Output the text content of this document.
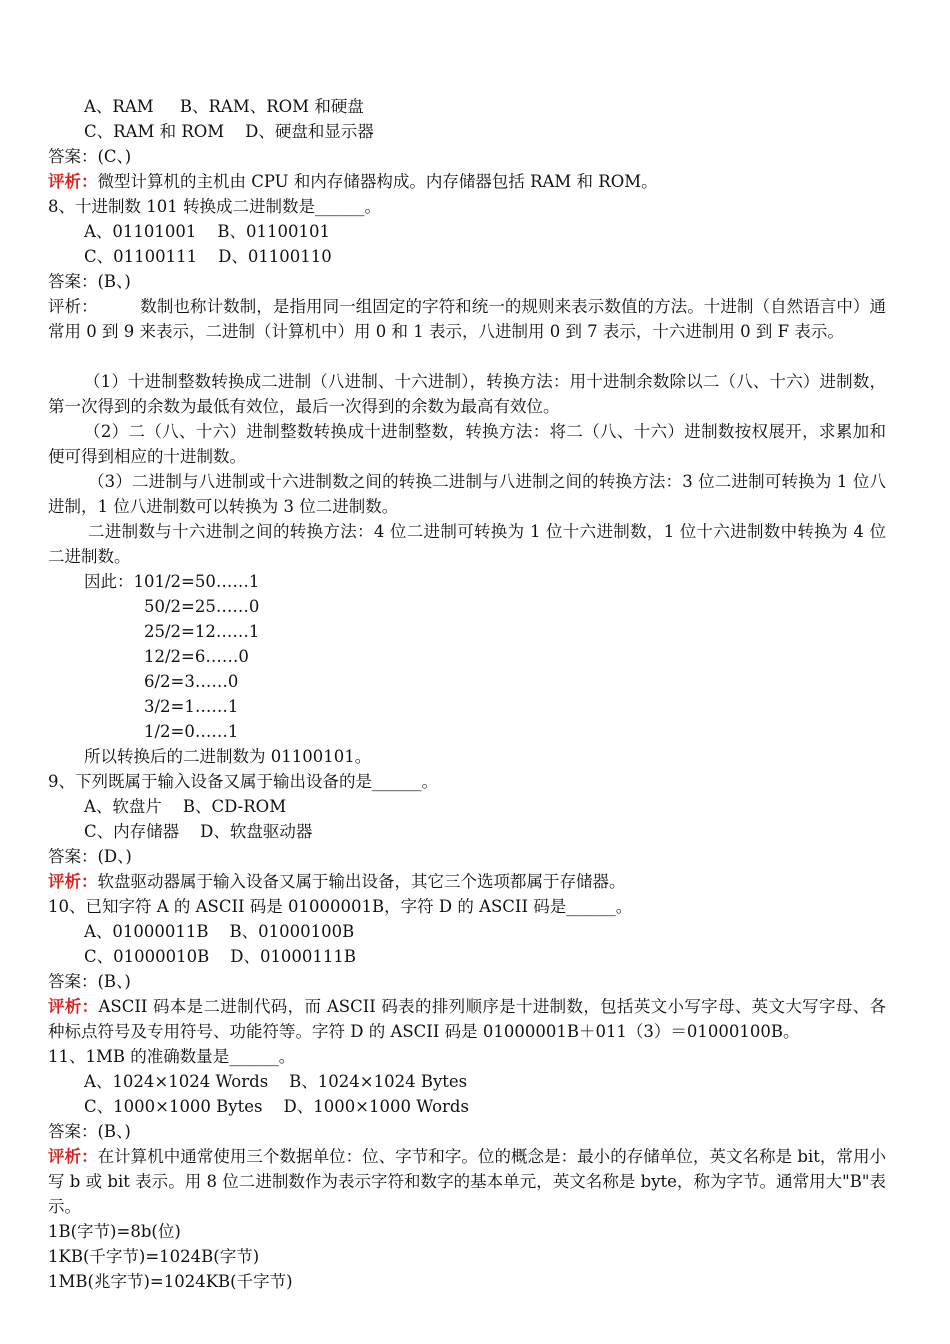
A、RAM     B、RAM、ROM 和硬盘
C、RAM 和 ROM    D、硬盘和显示器
答案：(C、)
评析：微型计算机的主机由 CPU 和内存储器构成。内存储器包括 RAM 和 ROM。
8、十进制数 101 转换成二进制数是______。
A、01101001    B、01100101
C、01100111    D、01100110
答案：(B、)
评析：        数制也称计数制，是指用同一组固定的字符和统一的规则来表示数值的方法。十进制（自然语言中）通常用 0 到 9 来表示，二进制（计算机中）用 0 和 1 表示，八进制用 0 到 7 表示，十六进制用 0 到 F 表示。
（1）十进制整数转换成二进制（八进制、十六进制），转换方法：用十进制余数除以二（八、十六）进制数，第一次得到的余数为最低有效位，最后一次得到的余数为最高有效位。
（2）二（八、十六）进制整数转换成十进制整数，转换方法：将二（八、十六）进制数按权展开，求累加和便可得到相应的十进制数。
（3）二进制与八进制或十六进制数之间的转换二进制与八进制之间的转换方法：3 位二进制可转换为 1 位八进制，1 位八进制数可以转换为 3 位二进制数。
二进制数与十六进制之间的转换方法：4 位二进制可转换为 1 位十六进制数，1 位十六进制数中转换为 4 位二进制数。
因此：101/2=50……1
50/2=25……0
25/2=12……1
12/2=6……0
6/2=3……0
3/2=1……1
1/2=0……1
所以转换后的二进制数为 01100101。
9、下列既属于输入设备又属于输出设备的是______。
A、软盘片    B、CD-ROM
C、内存储器    D、软盘驱动器
答案：(D、)
评析：软盘驱动器属于输入设备又属于输出设备，其它三个选项都属于存储器。
10、已知字符 A 的 ASCII 码是 01000001B，字符 D 的 ASCII 码是______。
A、01000011B    B、01000100B
C、01000010B    D、01000111B
答案：(B、)
评析：ASCII 码本是二进制代码，而 ASCII 码表的排列顺序是十进制数，包括英文小写字母、英文大写字母、各种标点符号及专用符号、功能符等。字符 D 的 ASCII 码是 01000001B＋011（3）＝01000100B。
11、1MB 的准确数量是______。
A、1024×1024 Words    B、1024×1024 Bytes
C、1000×1000 Bytes    D、1000×1000 Words
答案：(B、)
评析：在计算机中通常使用三个数据单位：位、字节和字。位的概念是：最小的存储单位，英文名称是 bit，常用小写 b 或 bit 表示。用 8 位二进制数作为表示字符和数字的基本单元，英文名称是 byte，称为字节。通常用大"B"表示。
1B(字节)=8b(位)
1KB(千字节)=1024B(字节)
1MB(兆字节)=1024KB(千字节)
